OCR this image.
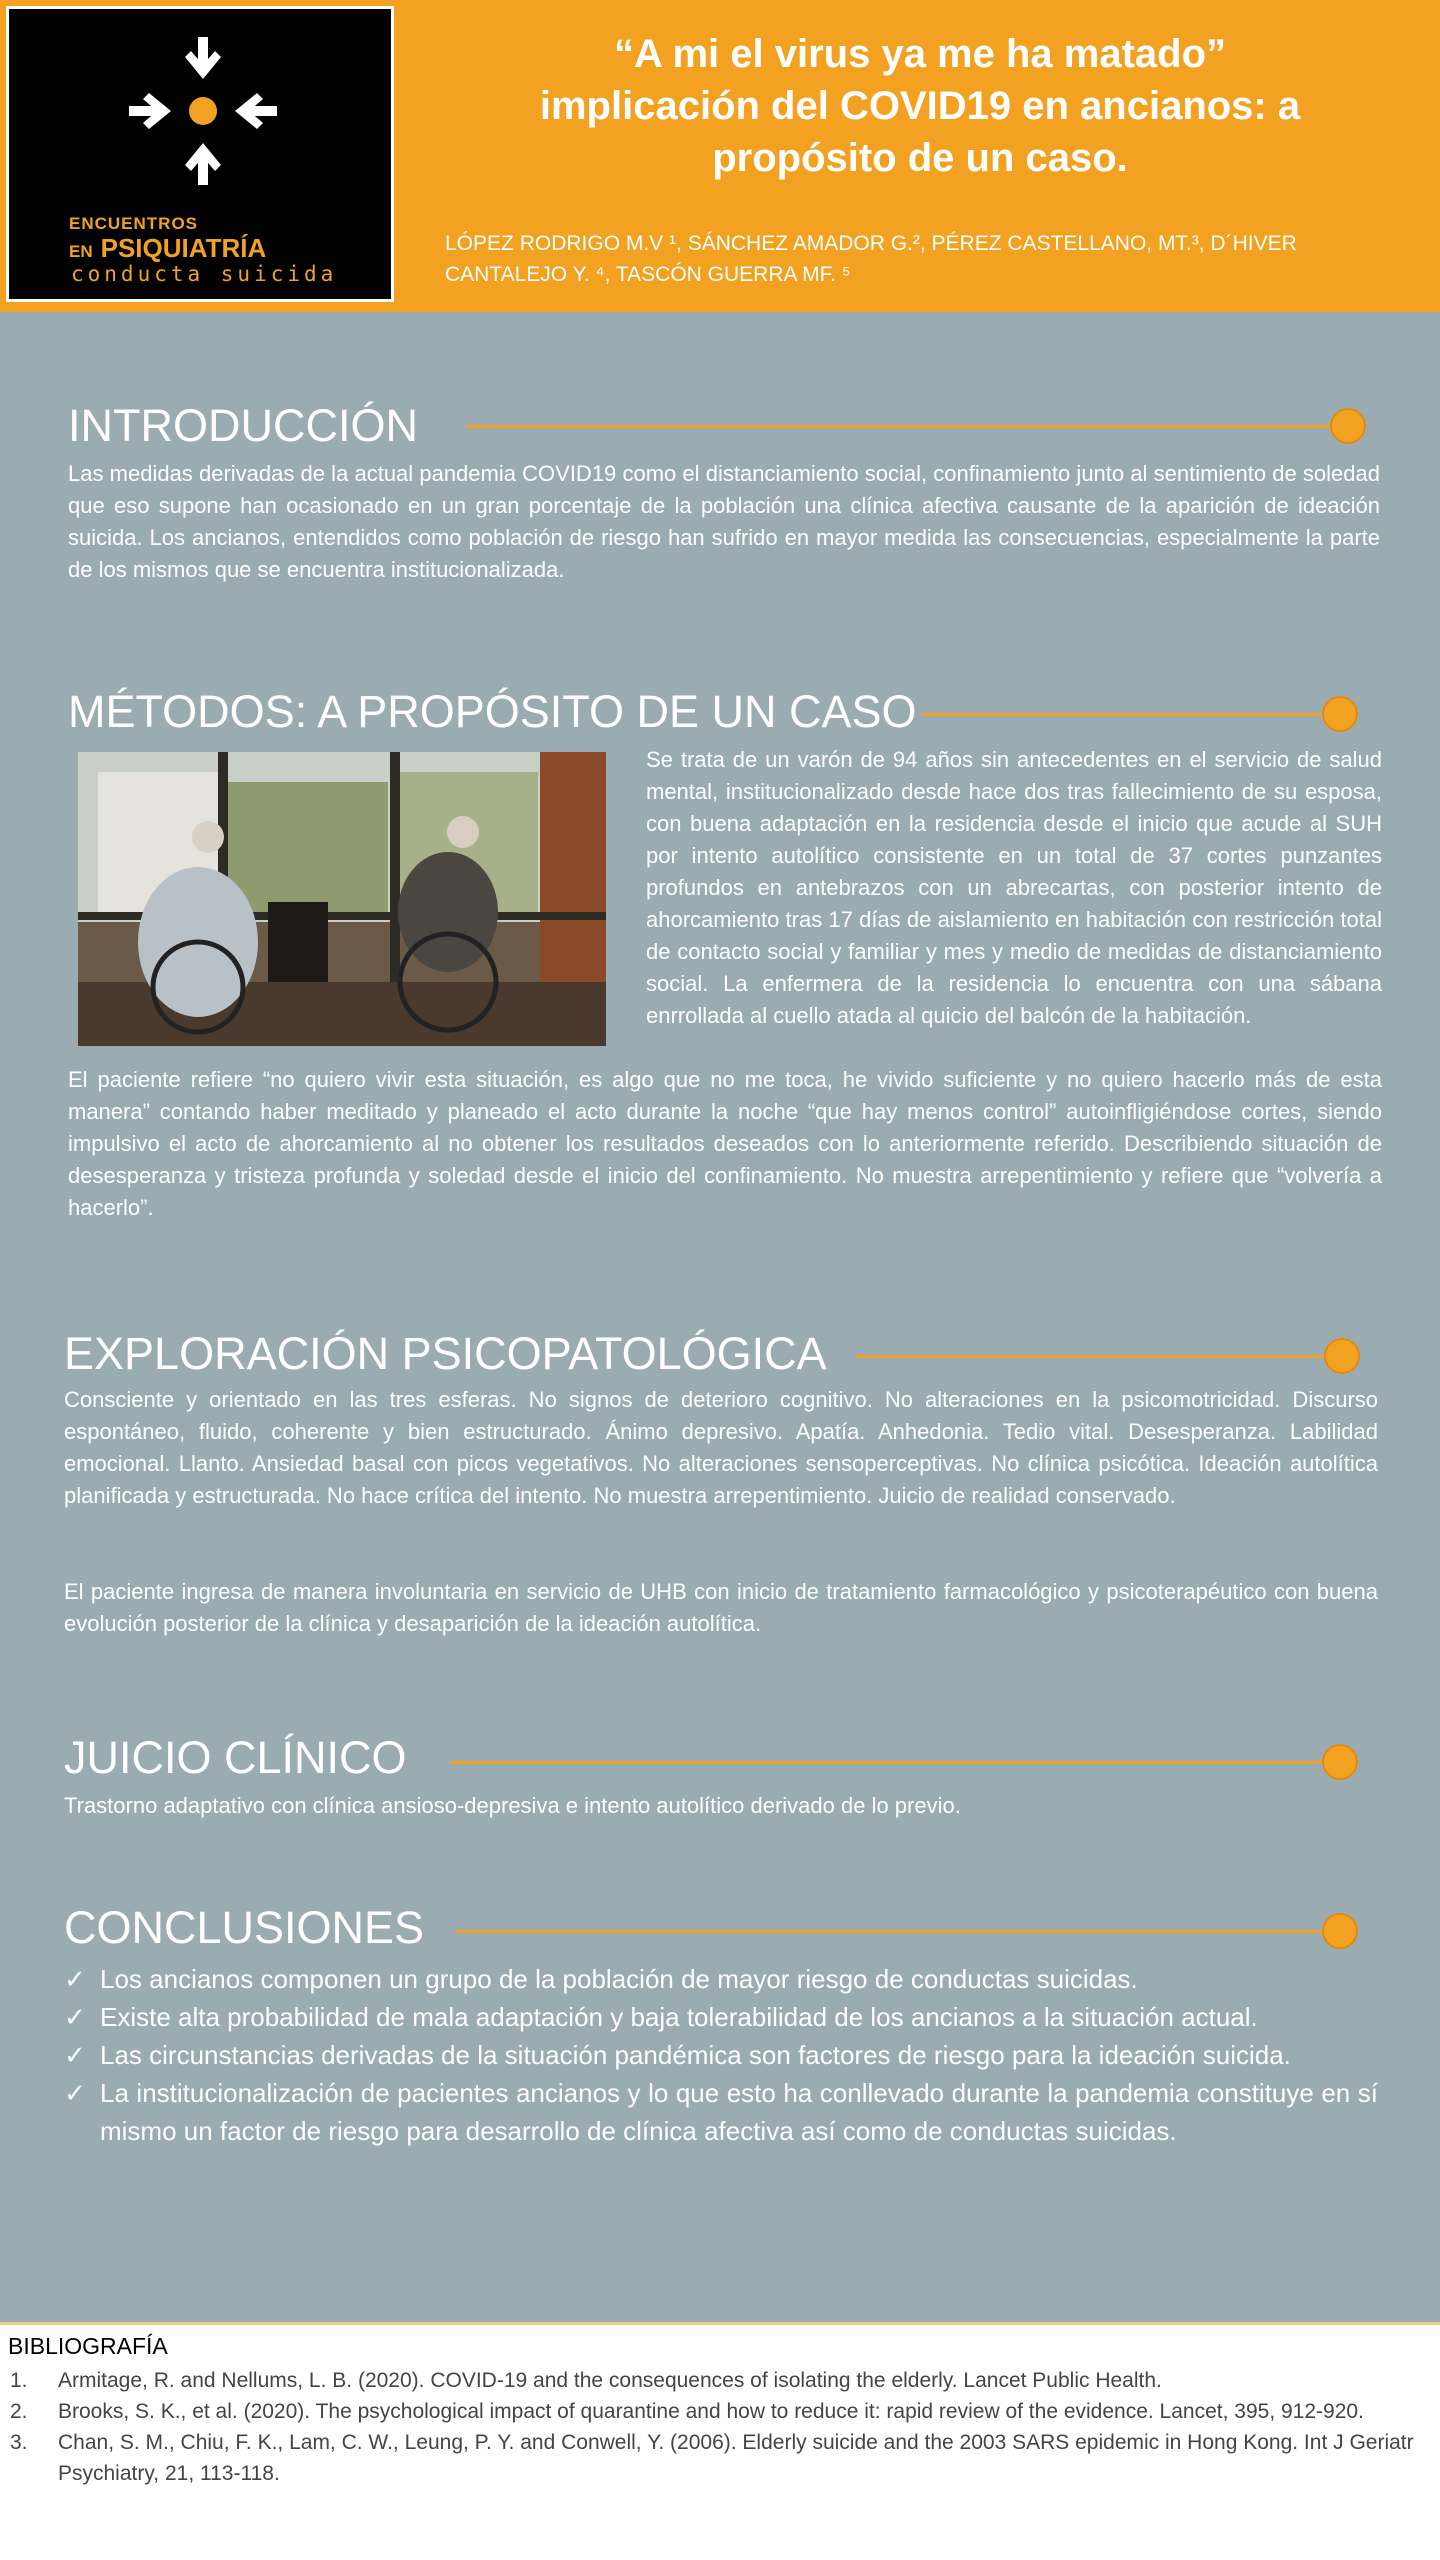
ENCUENTROS
EN PSIQUIATRÍA
conducta suicida
“A mi el virus ya me ha matado”
implicación del COVID19 en ancianos: a
propósito de un caso.
LÓPEZ RODRIGO M.V ¹, SÁNCHEZ AMADOR G.², PÉREZ CASTELLANO, MT.³, D´HIVER
CANTALEJO Y. ⁴, TASCÓN GUERRA MF. ⁵
INTRODUCCIÓN
Las medidas derivadas de la actual pandemia COVID19 como el distanciamiento social, confinamiento junto al sentimiento de soledad que eso supone han ocasionado en un gran porcentaje de la población una clínica afectiva causante de la aparición de ideación suicida. Los ancianos, entendidos como población de riesgo han sufrido en mayor medida las consecuencias, especialmente la parte de los mismos que se encuentra institucionalizada.
MÉTODOS: A PROPÓSITO DE UN CASO
Se trata de un varón de 94 años sin antecedentes en el servicio de salud mental, institucionalizado desde hace dos tras fallecimiento de su esposa, con buena adaptación en la residencia desde el inicio que acude al SUH por intento autolítico consistente en un total de 37 cortes punzantes profundos en antebrazos con un abrecartas, con posterior intento de ahorcamiento tras 17 días de aislamiento en habitación con restricción total de contacto social y familiar y mes y medio de medidas de distanciamiento social. La enfermera de la residencia lo encuentra con una sábana enrrollada al cuello atada al quicio del balcón de la habitación.
El paciente refiere “no quiero vivir esta situación, es algo que no me toca, he vivido suficiente y no quiero hacerlo más de esta manera” contando haber meditado y planeado el acto durante la noche “que hay menos control” autoinfligiéndose cortes, siendo impulsivo el acto de ahorcamiento al no obtener los resultados deseados con lo anteriormente referido. Describiendo situación de desesperanza y tristeza profunda y soledad desde el inicio del confinamiento. No muestra arrepentimiento y refiere que “volvería a hacerlo”.
EXPLORACIÓN PSICOPATOLÓGICA
Consciente y orientado en las tres esferas. No signos de deterioro cognitivo. No alteraciones en la psicomotricidad. Discurso espontáneo, fluido, coherente y bien estructurado. Ánimo depresivo. Apatía. Anhedonia. Tedio vital. Desesperanza. Labilidad emocional. Llanto. Ansiedad basal con picos vegetativos. No alteraciones sensoperceptivas. No clínica psicótica. Ideación autolítica planificada y estructurada. No hace crítica del intento. No muestra arrepentimiento. Juicio de realidad conservado.
El paciente ingresa de manera involuntaria en servicio de UHB con inicio de tratamiento farmacológico y psicoterapéutico con buena evolución posterior de la clínica y desaparición de la ideación autolítica.
JUICIO CLÍNICO
Trastorno adaptativo con clínica ansioso-depresiva e intento autolítico derivado de lo previo.
CONCLUSIONES
✓ Los ancianos componen un grupo de la población de mayor riesgo de conductas suicidas.
✓ Existe alta probabilidad de mala adaptación y baja tolerabilidad de los ancianos a la situación actual.
✓ Las circunstancias derivadas de la situación pandémica son factores de riesgo para la ideación suicida.
✓ La institucionalización de pacientes ancianos y lo que esto ha conllevado durante la pandemia constituye en sí mismo un factor de riesgo para desarrollo de clínica afectiva así como de conductas suicidas.
BIBLIOGRAFÍA
1. Armitage, R. and Nellums, L. B. (2020). COVID-19 and the consequences of isolating the elderly. Lancet Public Health.
2. Brooks, S. K., et al. (2020). The psychological impact of quarantine and how to reduce it: rapid review of the evidence. Lancet, 395, 912-920.
3. Chan, S. M., Chiu, F. K., Lam, C. W., Leung, P. Y. and Conwell, Y. (2006). Elderly suicide and the 2003 SARS epidemic in Hong Kong. Int J Geriatr Psychiatry, 21, 113-118.
